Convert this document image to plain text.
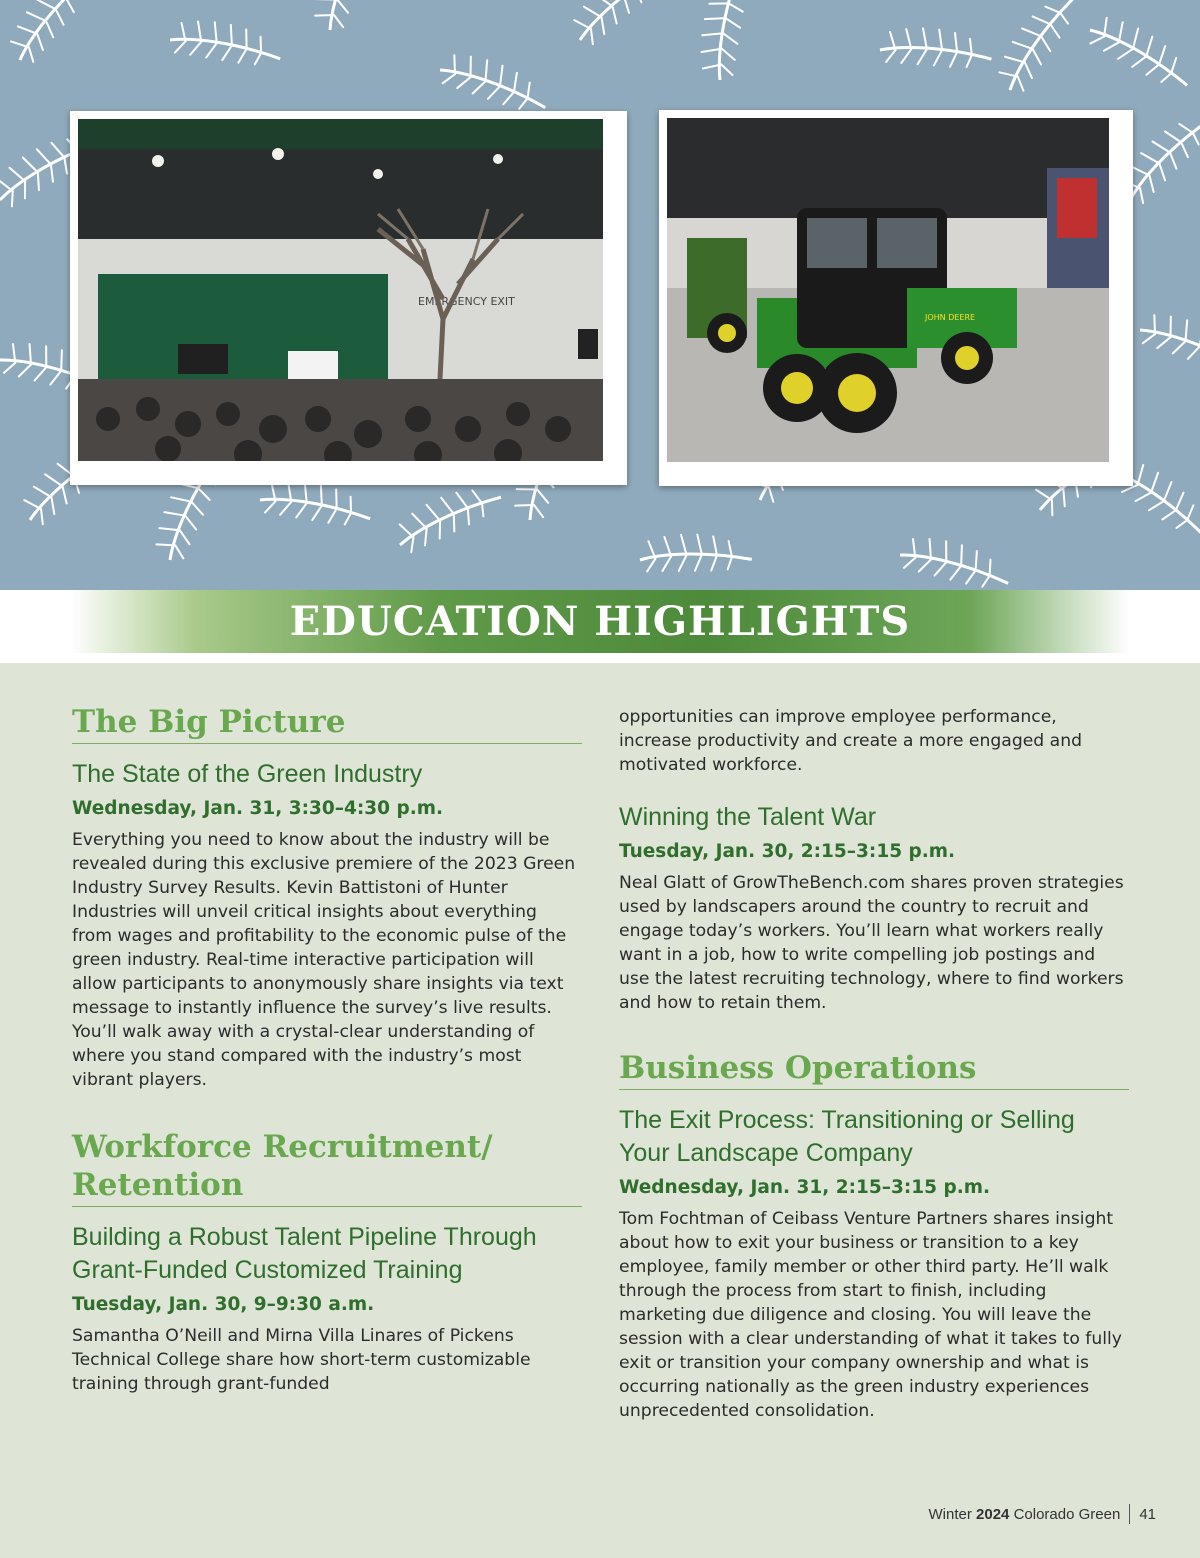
EMERGENCY EXIT
JOHN DEERE
EDUCATION HIGHLIGHTS
The Big Picture
The State of the Green Industry
Wednesday, Jan. 31, 3:30–4:30 p.m.
Everything you need to know about the industry will be revealed during this exclusive premiere of the 2023 Green Industry Survey Results. Kevin Battistoni of Hunter Industries will unveil critical insights about everything from wages and profitability to the economic pulse of the green industry. Real-time interactive participation will allow participants to anonymously share insights via text message to instantly influence the survey’s live results. You’ll walk away with a crystal-clear understanding of where you stand compared with the industry’s most vibrant players.
Workforce Recruitment/ Retention
Building a Robust Talent Pipeline Through Grant-Funded Customized Training
Tuesday, Jan. 30, 9–9:30 a.m.
Samantha O’Neill and Mirna Villa Linares of Pickens Technical College share how short-term customizable training through grant-funded
opportunities can improve employee performance, increase productivity and create a more engaged and motivated workforce.
Winning the Talent War
Tuesday, Jan. 30, 2:15–3:15 p.m.
Neal Glatt of GrowTheBench.com shares proven strategies used by landscapers around the country to recruit and engage today’s workers. You’ll learn what workers really want in a job, how to write compelling job postings and use the latest recruiting technology, where to find workers and how to retain them.
Business Operations
The Exit Process: Transitioning or Selling Your Landscape Company
Wednesday, Jan. 31, 2:15–3:15 p.m.
Tom Fochtman of Ceibass Venture Partners shares insight about how to exit your business or transition to a key employee, family member or other third party. He’ll walk through the process from start to finish, including marketing due diligence and closing. You will leave the session with a clear understanding of what it takes to fully exit or transition your company ownership and what is occurring nationally as the green industry experiences unprecedented consolidation.
Winter
2024
Colorado Green 41
